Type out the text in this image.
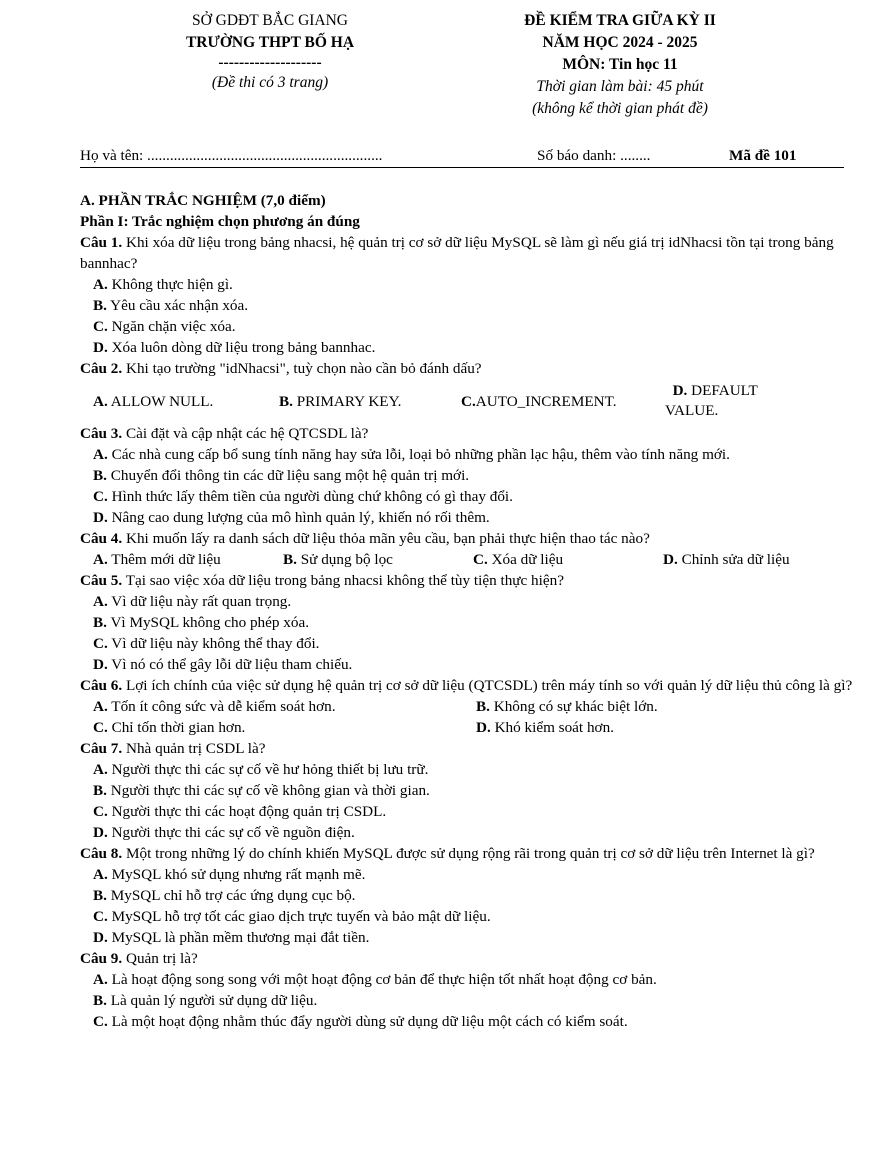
SỞ GDĐT BẮC GIANG
TRƯỜNG THPT BỐ HẠ
--------------------
(Đề thi có 3 trang)
ĐỀ KIỂM TRA GIỮA KỲ II
NĂM HỌC 2024 - 2025
MÔN: Tin học 11
Thời gian làm bài: 45 phút
(không kể thời gian phát đề)
Họ và tên: ..............................................................	Số báo danh: ........	Mã đề 101

A. PHẦN TRẮC NGHIỆM (7,0 điểm)

Phần I: Trắc nghiệm chọn phương án đúng

Câu 1. Khi xóa dữ liệu trong bảng nhacsi, hệ quản trị cơ sở dữ liệu MySQL sẽ làm gì nếu giá trị idNhacsi tồn tại trong bảng bannhac?

A. Không thực hiện gì.

B. Yêu cầu xác nhận xóa.

C. Ngăn chặn việc xóa.

D. Xóa luôn dòng dữ liệu trong bảng bannhac.

Câu 2. Khi tạo trường "idNhacsi", tuỳ chọn nào cần bỏ đánh dấu?

A. ALLOW NULL.	B. PRIMARY KEY.	C.AUTO_INCREMENT.
D. DEFAULT
VALUE.

Câu 3. Cài đặt và cập nhật các hệ QTCSDL là?

A. Các nhà cung cấp bổ sung tính năng hay sửa lỗi, loại bỏ những phần lạc hậu, thêm vào tính năng mới.

B. Chuyển đổi thông tin các dữ liệu sang một hệ quản trị mới.

C. Hình thức lấy thêm tiền của người dùng chứ không có gì thay đổi.

D. Nâng cao dung lượng của mô hình quản lý, khiến nó rối thêm.

Câu 4. Khi muốn lấy ra danh sách dữ liệu thỏa mãn yêu cầu, bạn phải thực hiện thao tác nào?

A. Thêm mới dữ liệu	B. Sử dụng bộ lọc	C. Xóa dữ liệu	D. Chỉnh sửa dữ liệu

Câu 5. Tại sao việc xóa dữ liệu trong bảng nhacsi không thể tùy tiện thực hiện?

A. Vì dữ liệu này rất quan trọng.

B. Vì MySQL không cho phép xóa.

C. Vì dữ liệu này không thể thay đổi.

D. Vì nó có thể gây lỗi dữ liệu tham chiếu.

Câu 6. Lợi ích chính của việc sử dụng hệ quản trị cơ sở dữ liệu (QTCSDL) trên máy tính so với quản lý dữ liệu thủ công là gì?

A. Tốn ít công sức và dễ kiểm soát hơn.	B. Không có sự khác biệt lớn.
C. Chỉ tốn thời gian hơn.	D. Khó kiểm soát hơn.

Câu 7. Nhà quản trị CSDL là?

A. Người thực thi các sự cố về hư hỏng thiết bị lưu trữ.

B. Người thực thi các sự cố về không gian và thời gian.

C. Người thực thi các hoạt động quản trị CSDL.

D. Người thực thi các sự cố về nguồn điện.

Câu 8. Một trong những lý do chính khiến MySQL được sử dụng rộng rãi trong quản trị cơ sở dữ liệu trên Internet là gì?

A. MySQL khó sử dụng nhưng rất mạnh mẽ.

B. MySQL chỉ hỗ trợ các ứng dụng cục bộ.

C. MySQL hỗ trợ tốt các giao dịch trực tuyến và bảo mật dữ liệu.

D. MySQL là phần mềm thương mại đắt tiền.

Câu 9. Quản trị là?

A. Là hoạt động song song với một hoạt động cơ bản để thực hiện tốt nhất hoạt động cơ bản.

B. Là quản lý người sử dụng dữ liệu.

C. Là một hoạt động nhằm thúc đẩy người dùng sử dụng dữ liệu một cách có kiểm soát.
